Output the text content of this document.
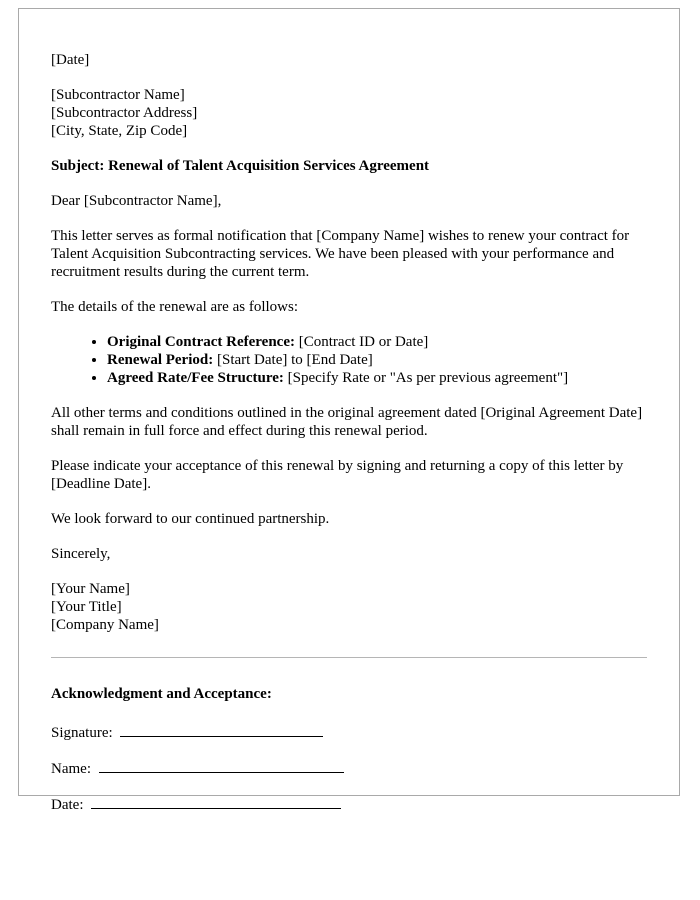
[Date]

[Subcontractor Name]
[Subcontractor Address]
[City, State, Zip Code]

Subject: Renewal of Talent Acquisition Services Agreement

Dear [Subcontractor Name],

This letter serves as formal notification that [Company Name] wishes to renew your contract for Talent Acquisition Subcontracting services. We have been pleased with your performance and recruitment results during the current term.

The details of the renewal are as follows:

• Original Contract Reference: [Contract ID or Date]
• Renewal Period: [Start Date] to [End Date]
• Agreed Rate/Fee Structure: [Specify Rate or "As per previous agreement"]

All other terms and conditions outlined in the original agreement dated [Original Agreement Date] shall remain in full force and effect during this renewal period.

Please indicate your acceptance of this renewal by signing and returning a copy of this letter by [Deadline Date].

We look forward to our continued partnership.

Sincerely,

[Your Name]
[Your Title]
[Company Name]

Acknowledgment and Acceptance:

Signature:

Name:

Date:
